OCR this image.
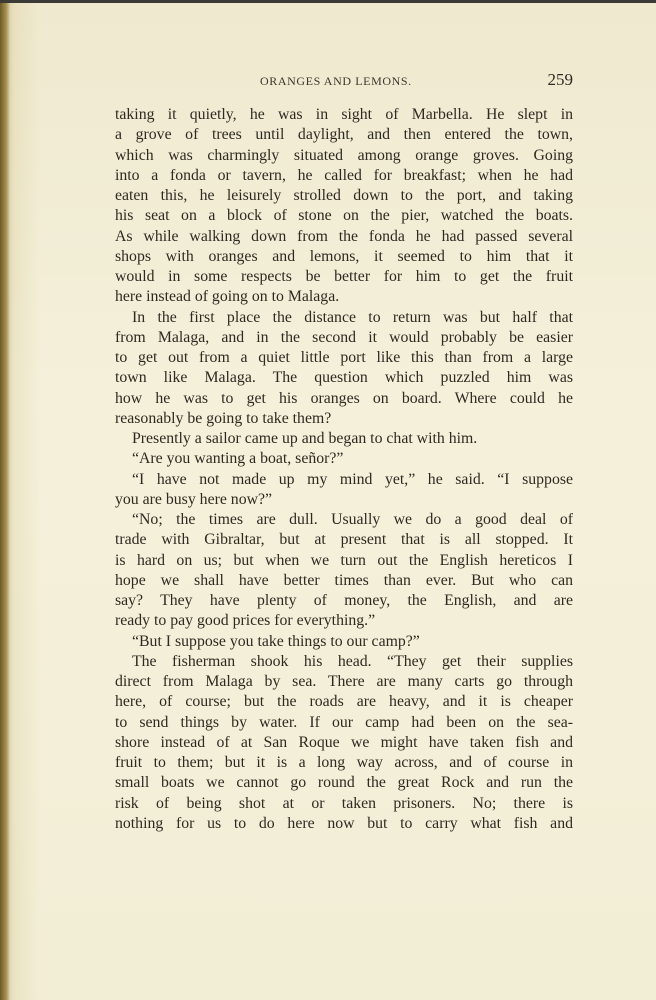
ORANGES AND LEMONS.	259
taking it quietly, he was in sight of Marbella. He slept in
a grove of trees until daylight, and then entered the town,
which was charmingly situated among orange groves. Going
into a fonda or tavern, he called for breakfast; when he had
eaten this, he leisurely strolled down to the port, and taking
his seat on a block of stone on the pier, watched the boats.
As while walking down from the fonda he had passed several
shops with oranges and lemons, it seemed to him that it
would in some respects be better for him to get the fruit
here instead of going on to Malaga.
In the first place the distance to return was but half that
from Malaga, and in the second it would probably be easier
to get out from a quiet little port like this than from a large
town like Malaga. The question which puzzled him was
how he was to get his oranges on board. Where could he
reasonably be going to take them?
Presently a sailor came up and began to chat with him.
“Are you wanting a boat, señor?”
“I have not made up my mind yet,” he said. “I suppose
you are busy here now?”
“No; the times are dull. Usually we do a good deal of
trade with Gibraltar, but at present that is all stopped. It
is hard on us; but when we turn out the English hereticos I
hope we shall have better times than ever. But who can
say? They have plenty of money, the English, and are
ready to pay good prices for everything.”
“But I suppose you take things to our camp?”
The fisherman shook his head. “They get their supplies
direct from Malaga by sea. There are many carts go through
here, of course; but the roads are heavy, and it is cheaper
to send things by water. If our camp had been on the sea-
shore instead of at San Roque we might have taken fish and
fruit to them; but it is a long way across, and of course in
small boats we cannot go round the great Rock and run the
risk of being shot at or taken prisoners. No; there is
nothing for us to do here now but to carry what fish and
